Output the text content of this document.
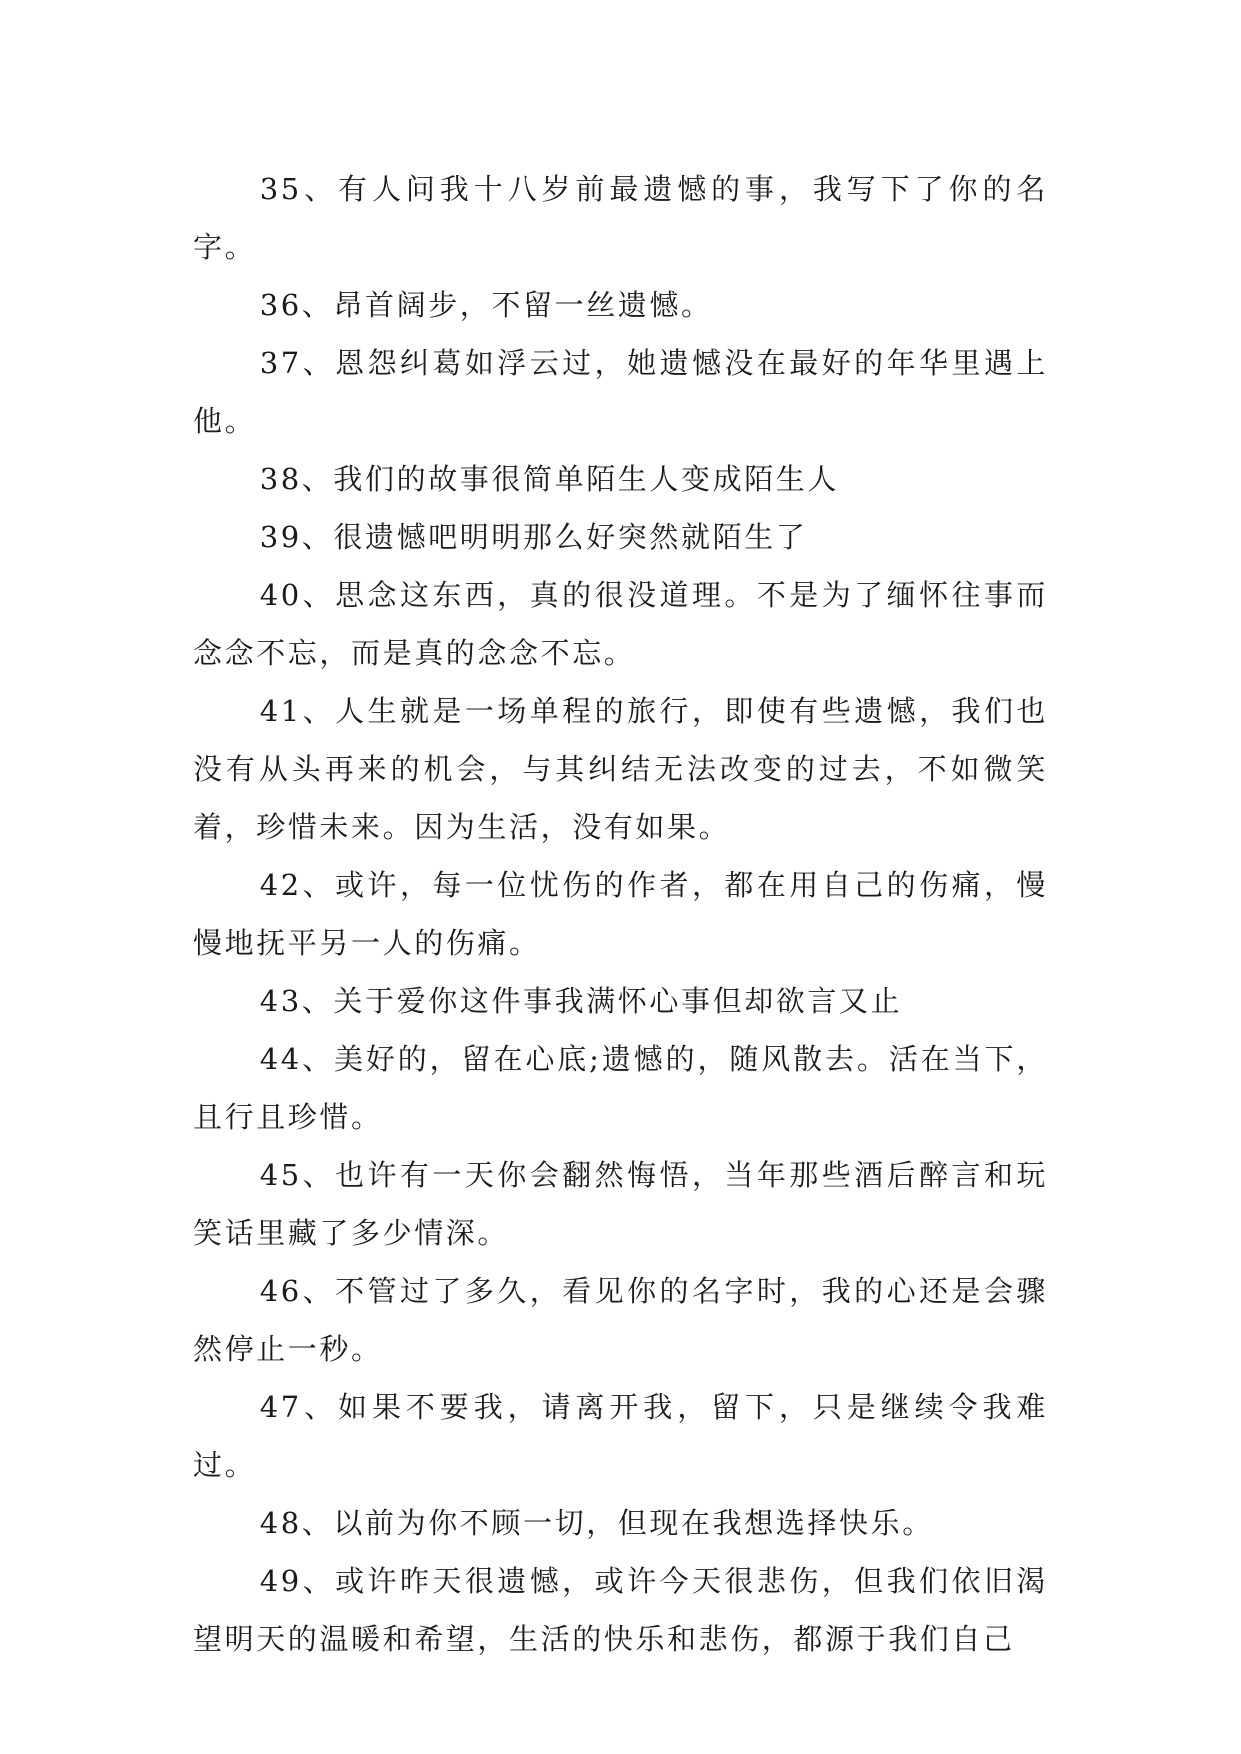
35、有人问我十八岁前最遗憾的事，我写下了你的名字。

36、昂首阔步，不留一丝遗憾。

37、恩怨纠葛如浮云过，她遗憾没在最好的年华里遇上他。

38、我们的故事很简单陌生人变成陌生人

39、很遗憾吧明明那么好突然就陌生了

40、思念这东西，真的很没道理。不是为了缅怀往事而念念不忘，而是真的念念不忘。

41、人生就是一场单程的旅行，即使有些遗憾，我们也没有从头再来的机会，与其纠结无法改变的过去，不如微笑着，珍惜未来。因为生活，没有如果。

42、或许，每一位忧伤的作者，都在用自己的伤痛，慢慢地抚平另一人的伤痛。

43、关于爱你这件事我满怀心事但却欲言又止

44、美好的，留在心底;遗憾的，随风散去。活在当下，且行且珍惜。

45、也许有一天你会翻然悔悟，当年那些酒后醉言和玩笑话里藏了多少情深。

46、不管过了多久，看见你的名字时，我的心还是会骤然停止一秒。

47、如果不要我，请离开我，留下，只是继续令我难过。

48、以前为你不顾一切，但现在我想选择快乐。

49、或许昨天很遗憾，或许今天很悲伤，但我们依旧渴望明天的温暖和希望，生活的快乐和悲伤，都源于我们自己
